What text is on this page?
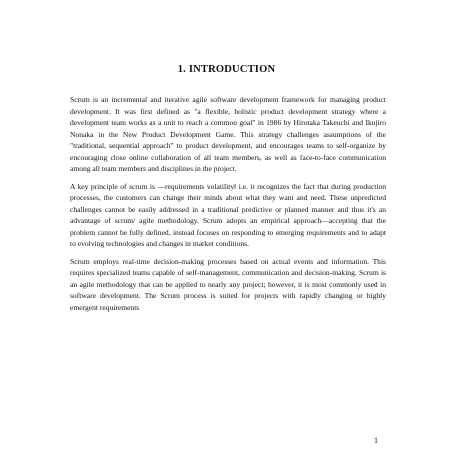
1. INTRODUCTION

Scrum is an incremental and iterative agile software development framework for managing product development. It was first defined as "a flexible, holistic product development strategy where a development team works as a unit to reach a common goal" in 1986 by Hirotaka Takeuchi and Ikujiro Nonaka in the New Product Development Game. This strategy challenges assumptions of the "traditional, sequential approach" to product development, and encourages teams to self-organize by encouraging close online collaboration of all team members, as well as face-to-face communication among all team members and disciplines in the project.

A key principle of scrum is ―requirements volatility‖ i.e. it recognizes the fact that during production processes, the customers can change their minds about what they want and need. These unpredicted challenges cannot be easily addressed in a traditional predictive or planned manner and thus it's an advantage of scrum/ agile methodology. Scrum adopts an empirical approach—accepting that the problem cannot be fully defined, instead focuses on responding to emerging requirements and to adapt to evolving technologies and changes in market conditions.

Scrum employs real-time decision-making processes based on actual events and information. This requires specialized teams capable of self-management, communication and decision-making. Scrum is an agile methodology that can be applied to nearly any project; however, it is most commonly used in software development. The Scrum process is suited for projects with rapidly changing or highly emergent requirements

1
